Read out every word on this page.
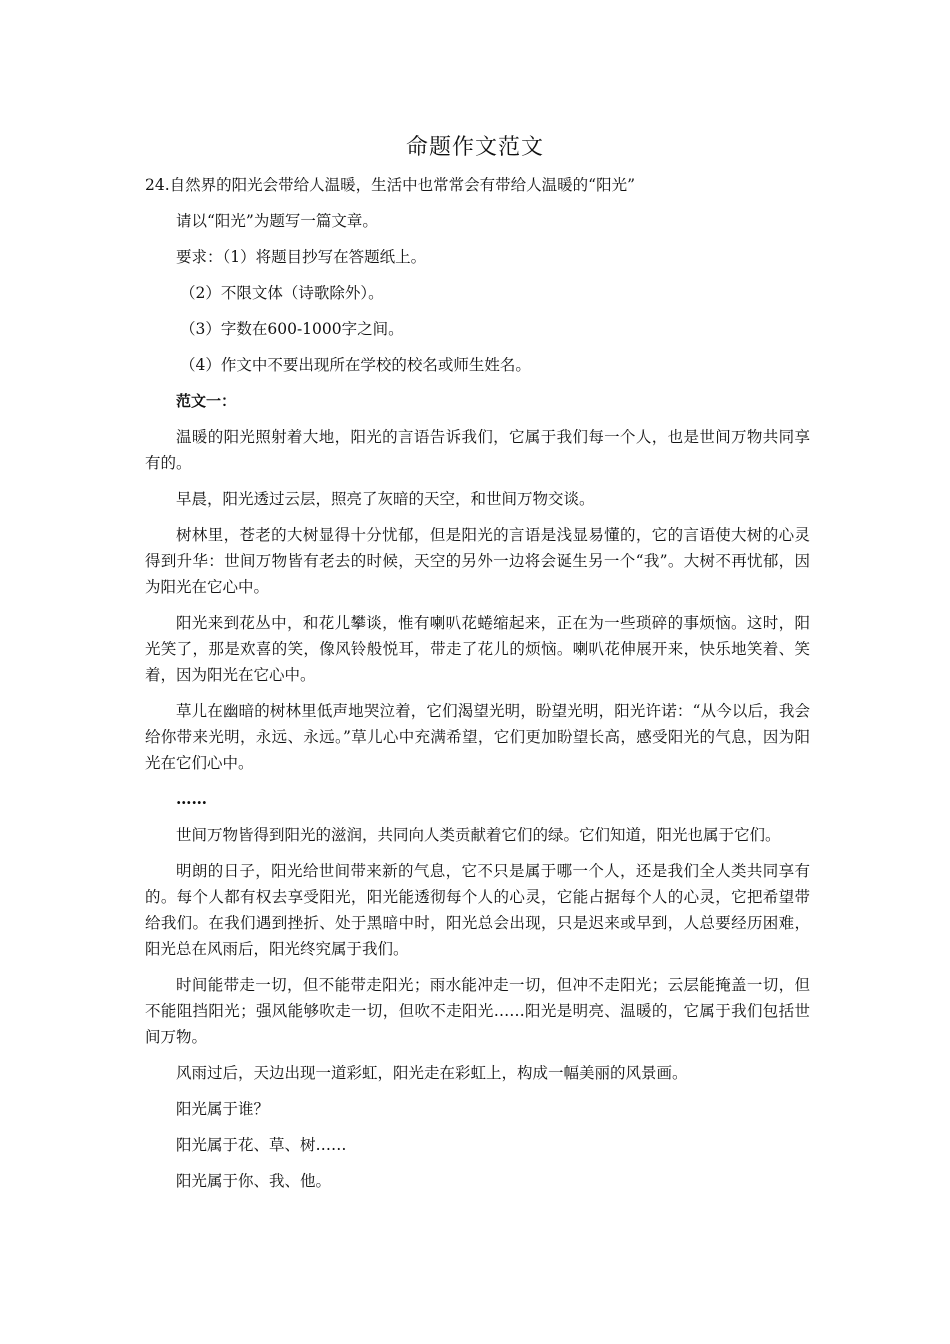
命题作文范文

24.自然界的阳光会带给人温暖，生活中也常常会有带给人温暖的“阳光”

请以“阳光”为题写一篇文章。

要求：（1）将题目抄写在答题纸上。

（2）不限文体（诗歌除外）。

（3）字数在600-1000字之间。

（4）作文中不要出现所在学校的校名或师生姓名。

范文一：

温暖的阳光照射着大地，阳光的言语告诉我们，它属于我们每一个人，也是世间万物共同享有的。

早晨，阳光透过云层，照亮了灰暗的天空，和世间万物交谈。

树林里，苍老的大树显得十分忧郁，但是阳光的言语是浅显易懂的，它的言语使大树的心灵得到升华：世间万物皆有老去的时候，天空的另外一边将会诞生另一个“我”。大树不再忧郁，因为阳光在它心中。

阳光来到花丛中，和花儿攀谈，惟有喇叭花蜷缩起来，正在为一些琐碎的事烦恼。这时，阳光笑了，那是欢喜的笑，像风铃般悦耳，带走了花儿的烦恼。喇叭花伸展开来，快乐地笑着、笑着，因为阳光在它心中。

草儿在幽暗的树林里低声地哭泣着，它们渴望光明，盼望光明，阳光许诺：“从今以后，我会给你带来光明，永远、永远。”草儿心中充满希望，它们更加盼望长高，感受阳光的气息，因为阳光在它们心中。

……

世间万物皆得到阳光的滋润，共同向人类贡献着它们的绿。它们知道，阳光也属于它们。

明朗的日子，阳光给世间带来新的气息，它不只是属于哪一个人，还是我们全人类共同享有的。每个人都有权去享受阳光，阳光能透彻每个人的心灵，它能占据每个人的心灵，它把希望带给我们。在我们遇到挫折、处于黑暗中时，阳光总会出现，只是迟来或早到，人总要经历困难，阳光总在风雨后，阳光终究属于我们。

时间能带走一切，但不能带走阳光；雨水能冲走一切，但冲不走阳光；云层能掩盖一切，但不能阻挡阳光；强风能够吹走一切，但吹不走阳光……阳光是明亮、温暖的，它属于我们包括世间万物。

风雨过后，天边出现一道彩虹，阳光走在彩虹上，构成一幅美丽的风景画。

阳光属于谁？

阳光属于花、草、树……

阳光属于你、我、他。
